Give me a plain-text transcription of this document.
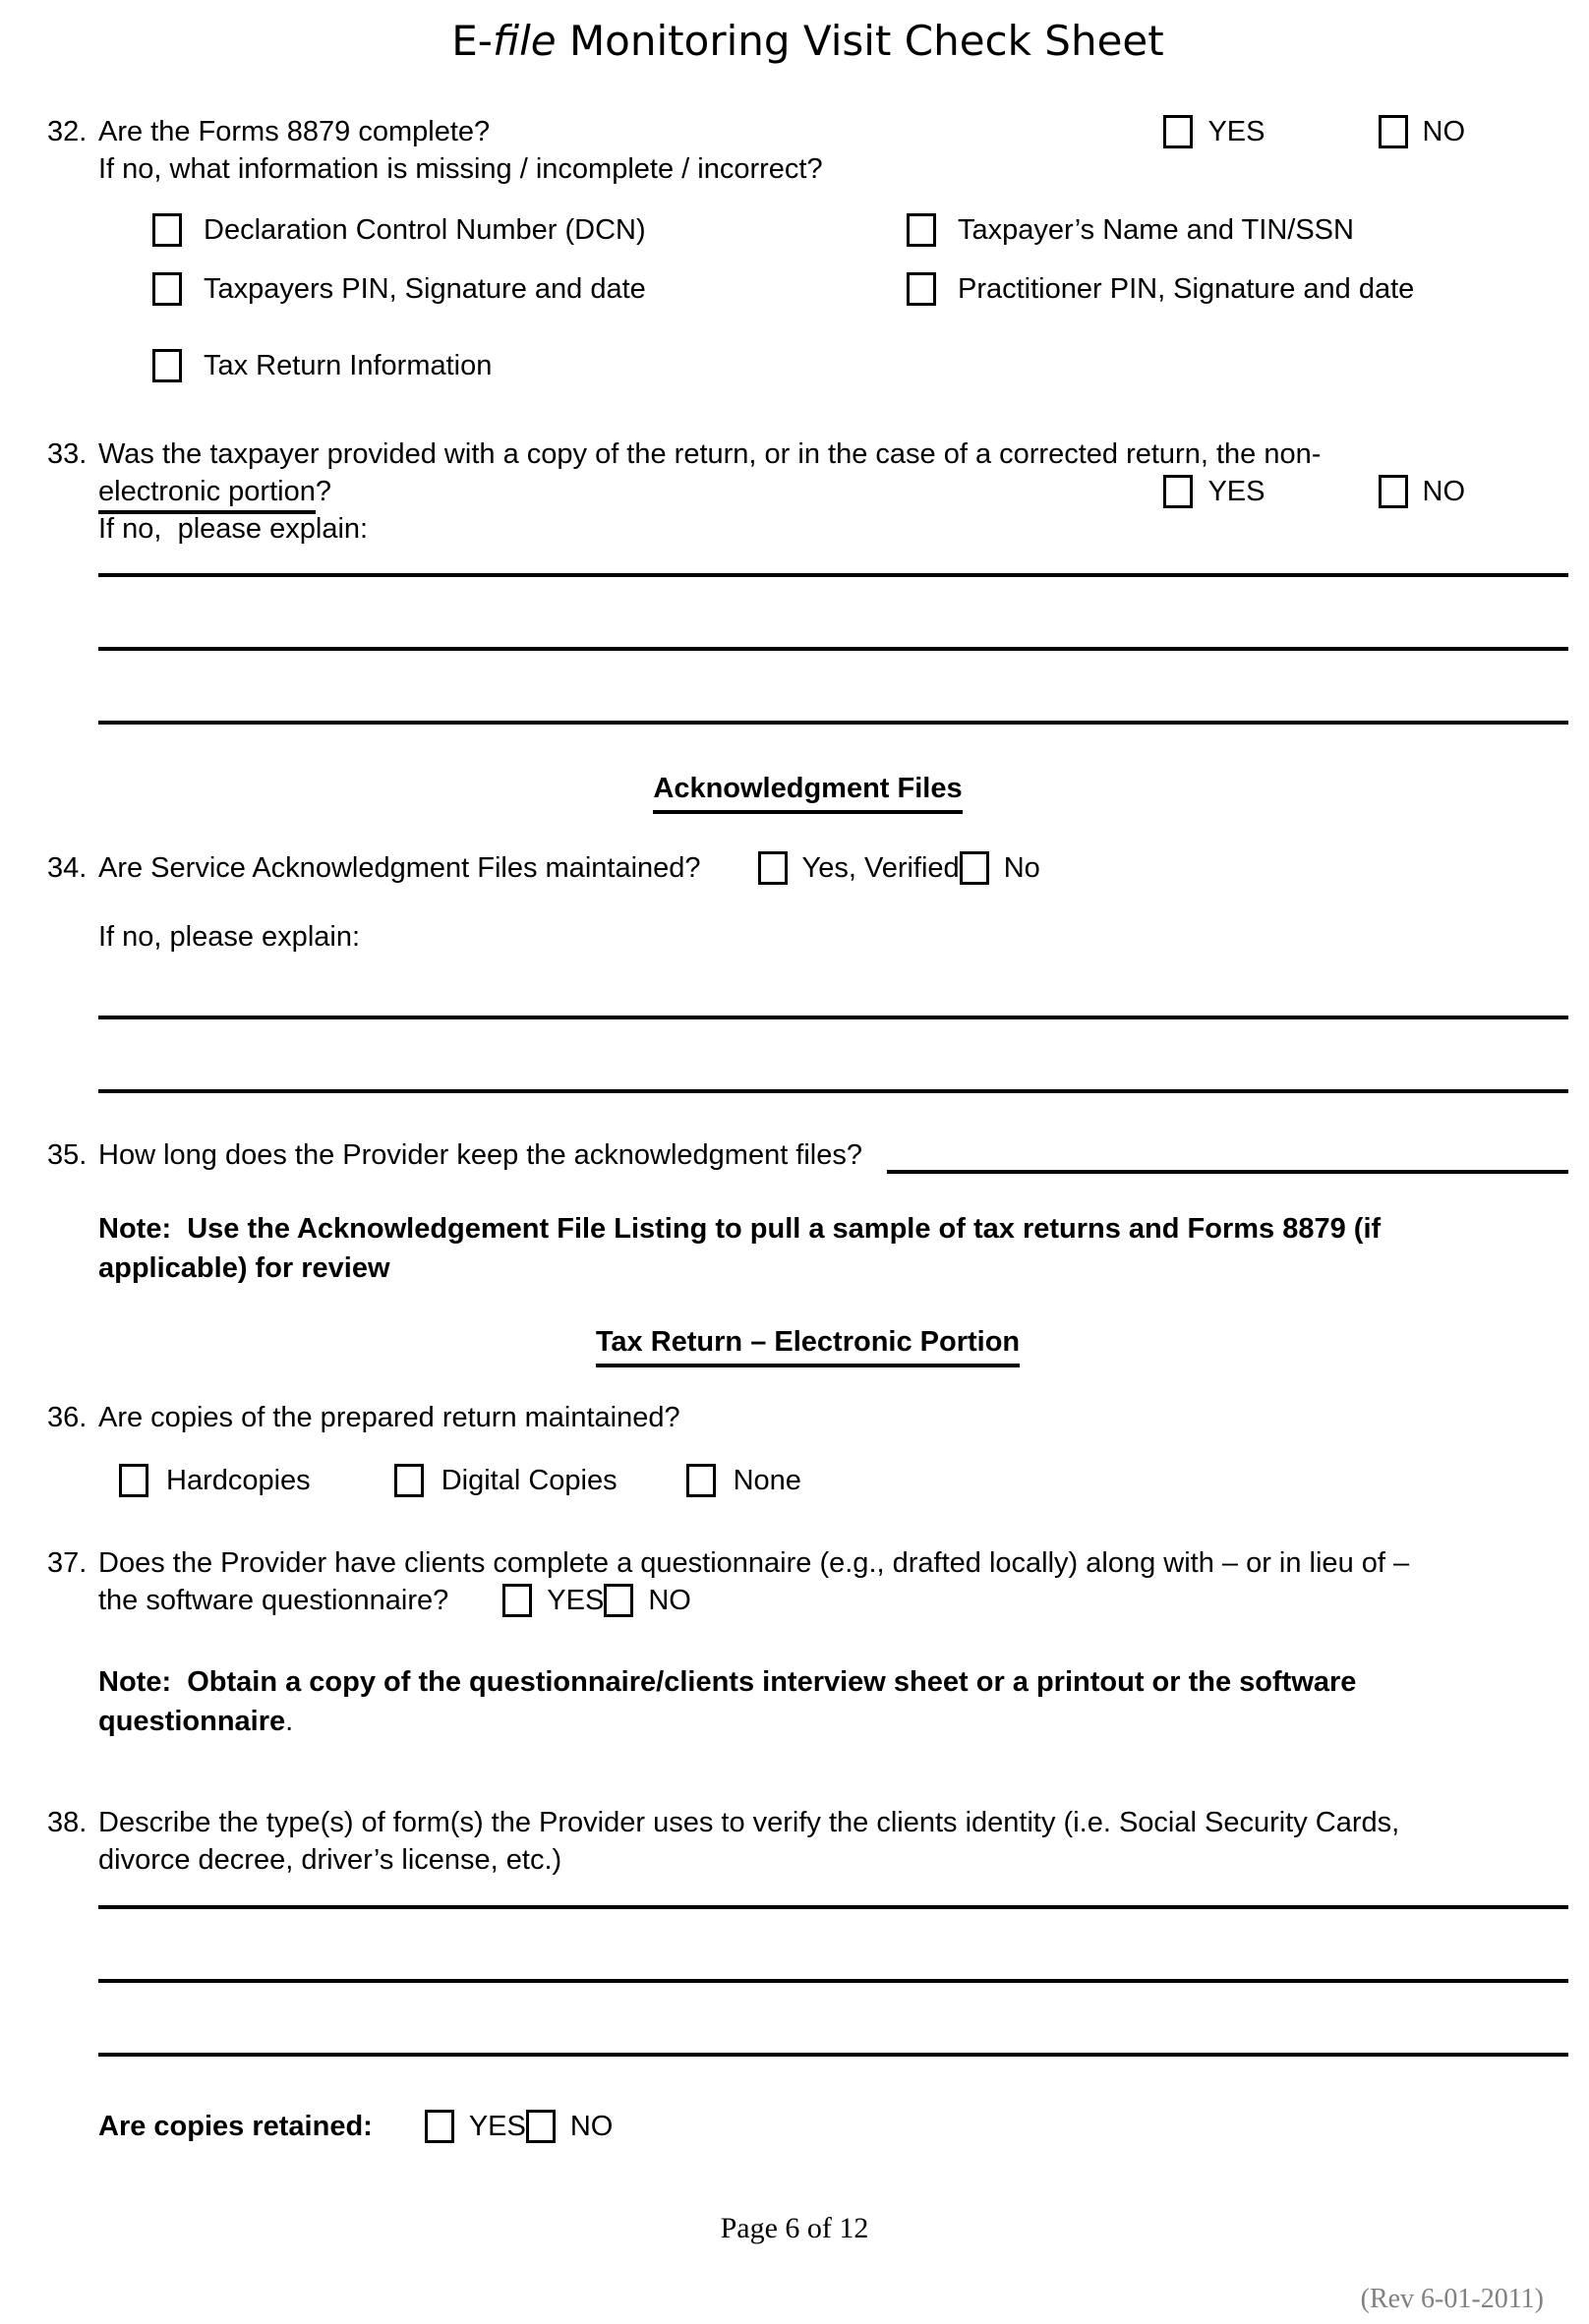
E-file Monitoring Visit Check Sheet
32. Are the Forms 8879 complete?	YES	NO
If no, what information is missing / incomplete / incorrect?
Declaration Control Number (DCN)	Taxpayer’s Name and TIN/SSN
Taxpayers PIN, Signature and date	Practitioner PIN, Signature and date
Tax Return Information
33. Was the taxpayer provided with a copy of the return, or in the case of a corrected return, the non-
electronic portion?	YES	NO
If no,  please explain:
Acknowledgment Files
34. Are Service Acknowledgment Files maintained?	Yes, Verified No
If no, please explain:
35. How long does the Provider keep the acknowledgment files?
Note:  Use the Acknowledgement File Listing to pull a sample of tax returns and Forms 8879 (if
applicable) for review
Tax Return – Electronic Portion
36. Are copies of the prepared return maintained?
Hardcopies	Digital Copies	None
37. Does the Provider have clients complete a questionnaire (e.g., drafted locally) along with – or in lieu of –
the software questionnaire?	YES NO
Note:  Obtain a copy of the questionnaire/clients interview sheet or a printout or the software
questionnaire.
38. Describe the type(s) of form(s) the Provider uses to verify the clients identity (i.e. Social Security Cards,
divorce decree, driver’s license, etc.)
Are copies retained:	YES NO
Page 6 of 12
(Rev 6-01-2011)
